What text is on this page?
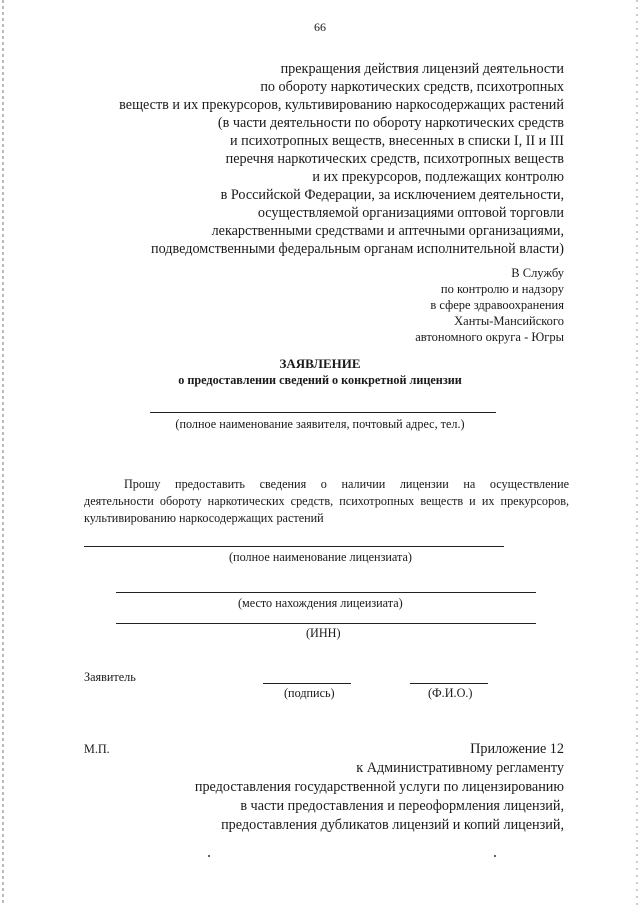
66
прекращения действия лицензий деятельности
по обороту наркотических средств, психотропных
веществ и их прекурсоров, культивированию наркосодержащих растений
(в части деятельности по обороту наркотических средств
и психотропных веществ, внесенных в списки I, II и III
перечня наркотических средств, психотропных веществ
и их прекурсоров, подлежащих контролю
в Российской Федерации, за исключением деятельности,
осуществляемой организациями оптовой торговли
лекарственными средствами и аптечными организациями,
подведомственными федеральным органам исполнительной власти)
В Службу
по контролю и надзору
в сфере здравоохранения
Ханты-Мансийского
автономного округа - Югры
ЗАЯВЛЕНИЕ
о предоставлении сведений о конкретной лицензии
(полное наименование заявителя, почтовый адрес, тел.)
Прошу предоставить сведения о наличии лицензии на осуществление
деятельности обороту наркотических средств, психотропных веществ и их прекурсоров,
культивированию наркосодержащих растений
(полное наименование лицензиата)
(место нахождения лицеизиата)
(ИНН)
Заявитель
(подпись)	(Ф.И.О.)
М.П.	Приложение 12
к Административному регламенту
предоставления государственной услуги по лицензированию
в части предоставления и переоформления лицензий,
предоставления дубликатов лицензий и копий лицензий,
